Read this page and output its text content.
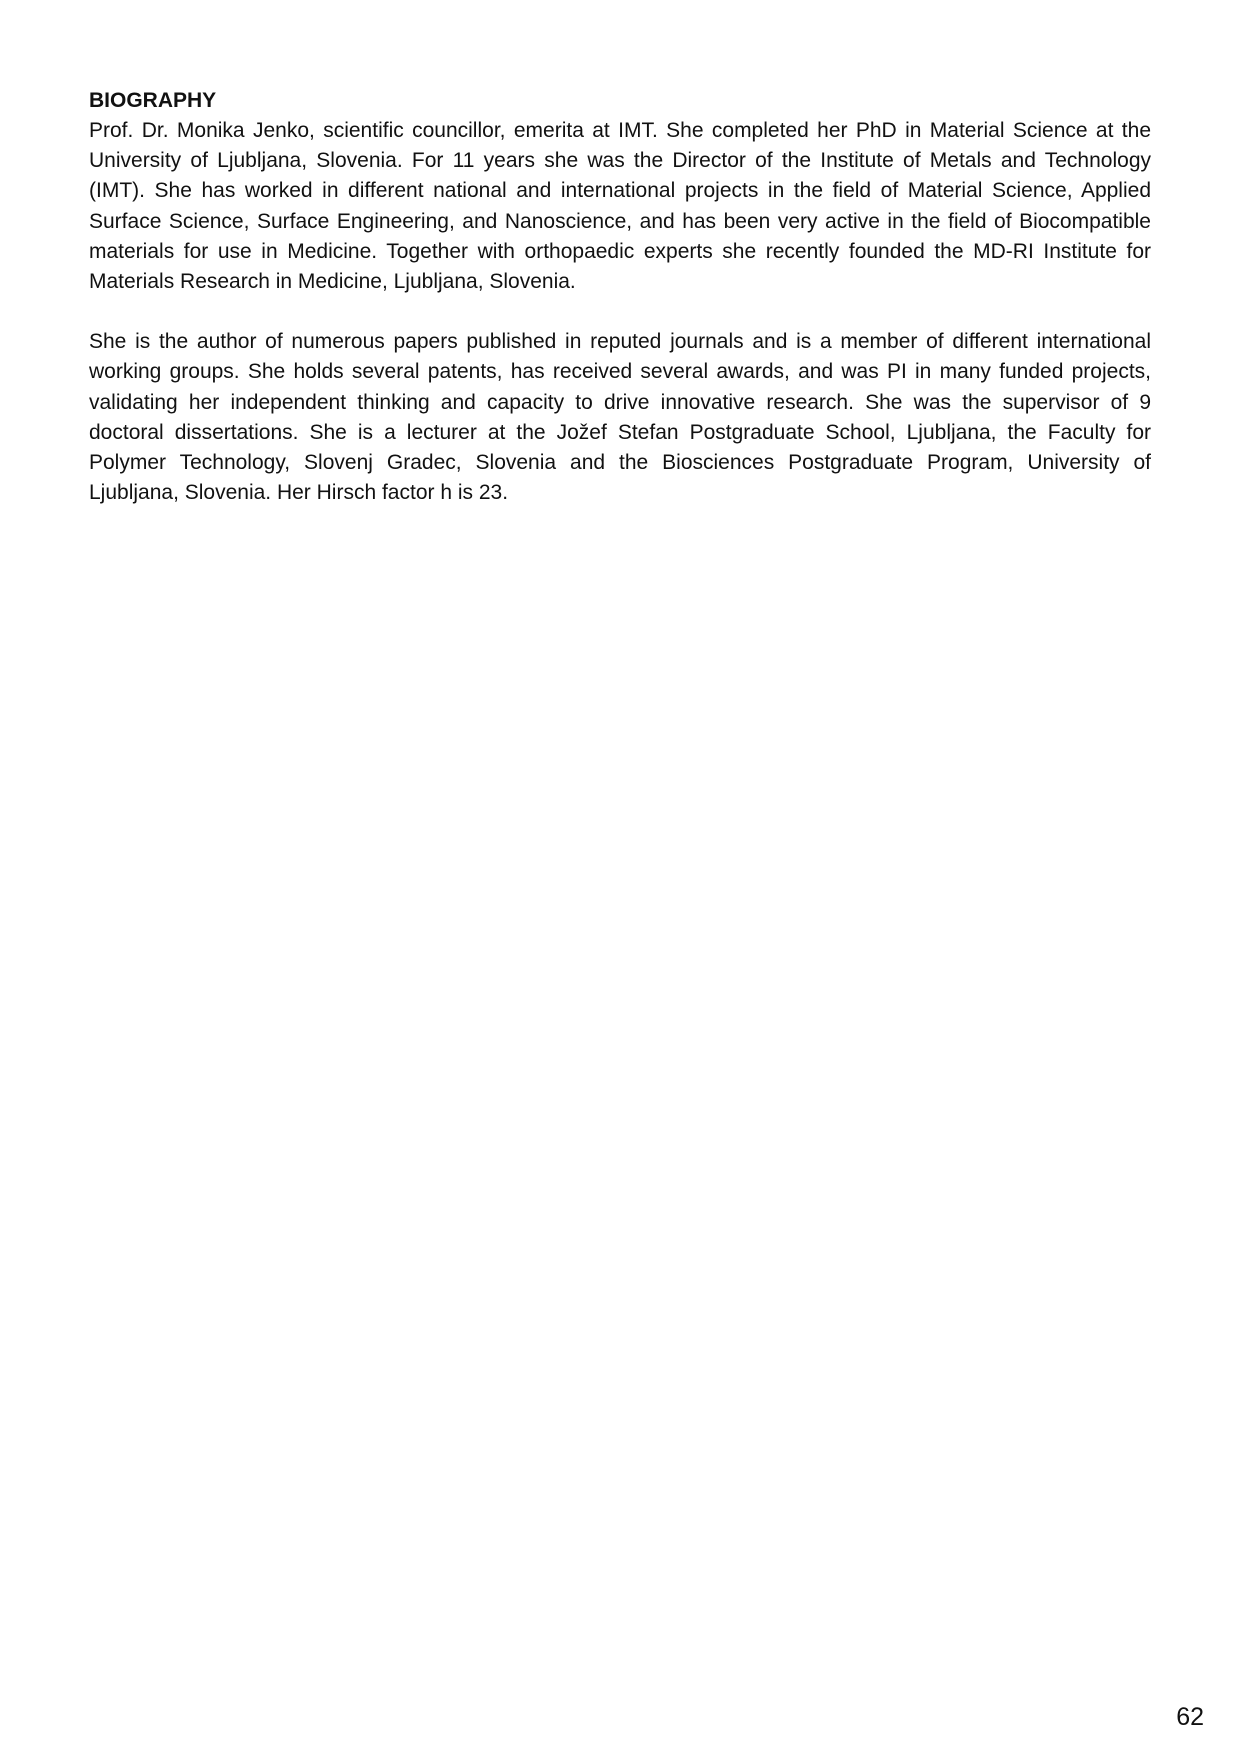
BIOGRAPHY

Prof. Dr. Monika Jenko, scientific councillor, emerita at IMT. She completed her PhD in Material Science at the University of Ljubljana, Slovenia. For 11 years she was the Director of the Institute of Metals and Technology (IMT). She has worked in different national and international projects in the field of Material Science, Applied Surface Science, Surface Engineering, and Nanoscience, and has been very active in the field of Biocompatible materials for use in Medicine. Together with orthopaedic experts she recently founded the MD-RI Institute for Materials Research in Medicine, Ljubljana, Slovenia.

She is the author of numerous papers published in reputed journals and is a member of different international working groups. She holds several patents, has received several awards, and was PI in many funded projects, validating her independent thinking and capacity to drive innovative research. She was the supervisor of 9 doctoral dissertations. She is a lecturer at the Jožef Stefan Postgraduate School, Ljubljana, the Faculty for Polymer Technology, Slovenj Gradec, Slovenia and the Biosciences Postgraduate Program, University of Ljubljana, Slovenia. Her Hirsch factor h is 23.

62
